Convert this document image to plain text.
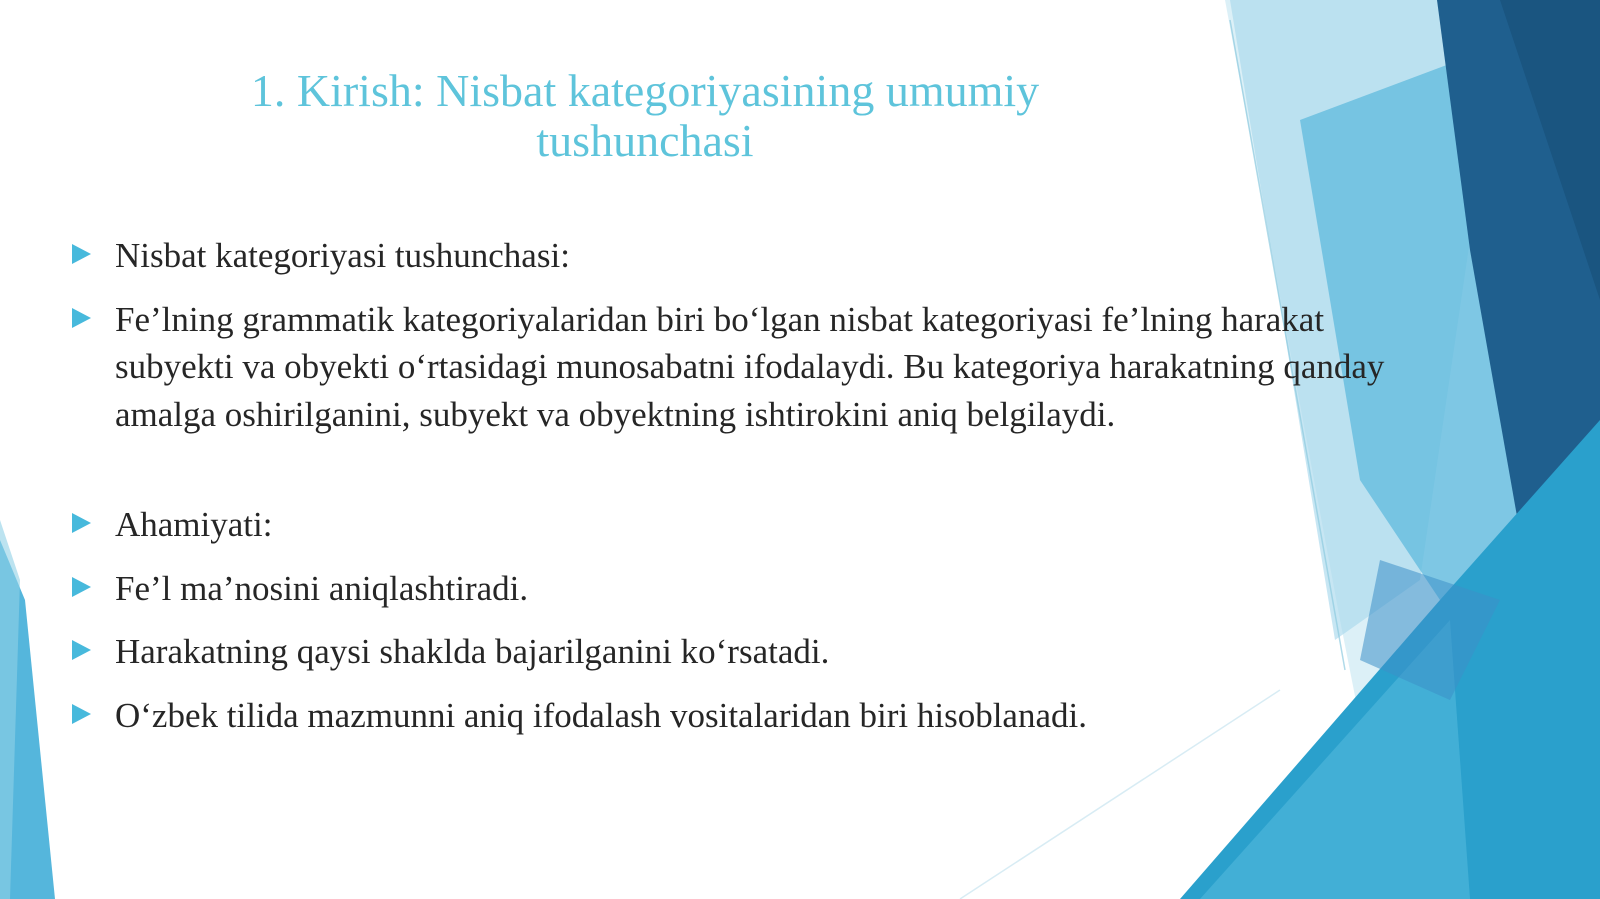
1. Kirish: Nisbat kategoriyasining umumiy tushunchasi
Nisbat kategoriyasi tushunchasi:
Fe’lning grammatik kategoriyalaridan biri bo‘lgan nisbat kategoriyasi fe’lning harakat subyekti va obyekti o‘rtasidagi munosabatni ifodalaydi. Bu kategoriya harakatning qanday amalga oshirilganini, subyekt va obyektning ishtirokini aniq belgilaydi.
Ahamiyati:
Fe’l ma’nosini aniqlashtiradi.
Harakatning qaysi shaklda bajarilganini ko‘rsatadi.
O‘zbek tilida mazmunni aniq ifodalash vositalaridan biri hisoblanadi.
